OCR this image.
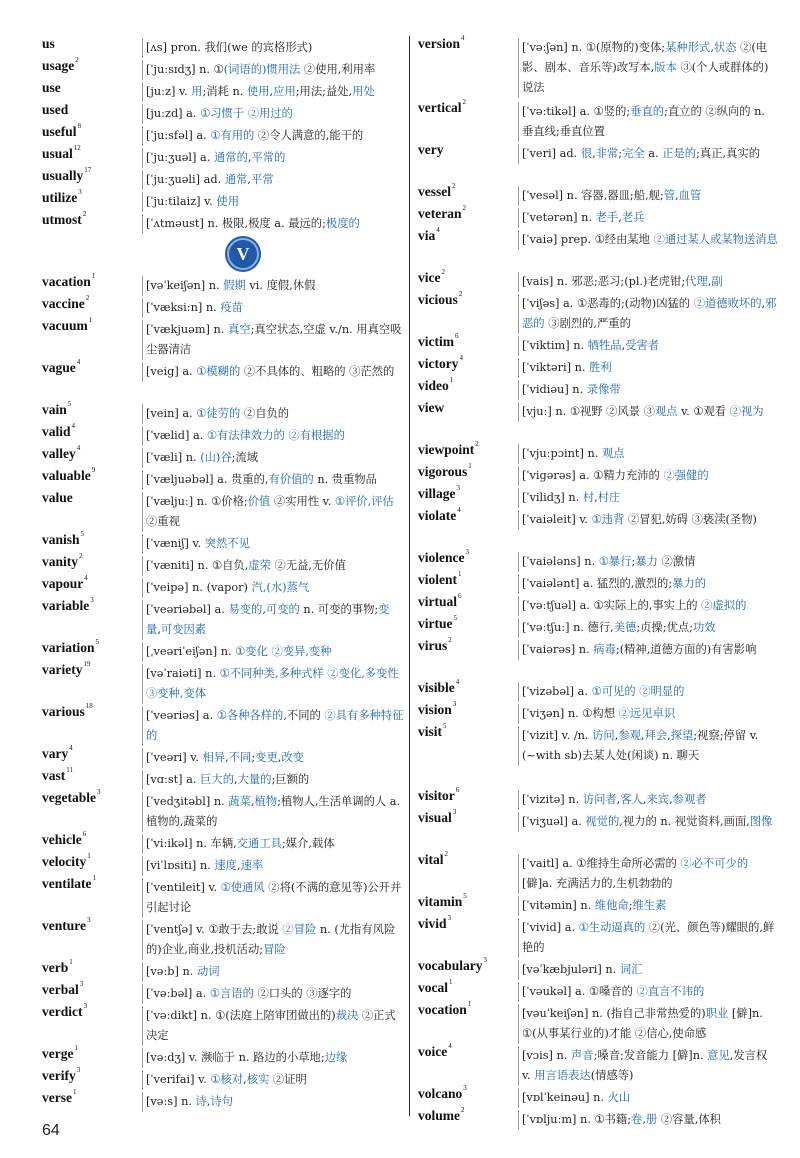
us	[ʌs] pron. 我们(we 的宾格形式)
usage$^2$
[ˈjuːsɪdʒ] n. ①(词语的)惯用法 ②使用,利用率
use	[juːz] v. 用;消耗 n. 使用,应用;用法;益处,用处
used	[juːzd] a. ①习惯于 ②用过的
useful$^8$
[ˈjuːsfəl] a. ①有用的 ②令人满意的,能干的
usual$^{12}$
[ˈjuːʒuəl] a. 通常的,平常的
usually$^{17}$
[ˈjuːʒuəli] ad. 通常,平常
utilize$^3$
[ˈjuːtilaiz] v. 使用
utmost$^2$
[ˈʌtməust] n. 极限,极度 a. 最远的;极度的
V
vacation$^1$
[vəˈkeiʃən] n. 假期 vi. 度假,休假
vaccine$^2$
[ˈvæksiːn] n. 疫苗
vacuum$^1$
[ˈvækjuəm] n. 真空;真空状态,空虚 v./n. 用真空吸尘器清洁
vague$^4$
[veig] a. ①模糊的 ②不具体的、粗略的 ③茫然的
vain$^5$
[vein] a. ①徒劳的 ②自负的
valid$^4$
[ˈvælid] a. ①有法律效力的 ②有根据的
valley$^4$
[ˈvæli] n. (山)谷;流域
valuable$^9$
[ˈvæljuəbəl] a. 贵重的,有价值的 n. 贵重物品
value	[ˈvæljuː] n. ①价格;价值 ②实用性 v. ①评价,评估 ②重视
vanish$^5$
[ˈvæniʃ] v. 突然不见
vanity$^2$
[ˈvæniti] n. ①自负,虚荣 ②无益,无价值
vapour$^4$
[ˈveipə] n. (vapor) 汽,(水)蒸气
variable$^3$
[ˈveəriəbəl] a. 易变的,可变的 n. 可变的事物;变量,可变因素
variation$^5$
[ˌveəriˈeiʃən] n. ①变化 ②变异,变种
variety$^{19}$
[vəˈraiəti] n. ①不同种类,多种式样 ②变化,多变性 ③变种,变体
various$^{18}$
[ˈveəriəs] a. ①各种各样的,不同的 ②具有多种特征的
vary$^4$
[ˈveəri] v. 相异,不同;变更,改变
vast$^{11}$
[vɑːst] a. 巨大的,大量的;巨额的
vegetable$^3$
[ˈvedʒitəbl] n. 蔬菜,植物;植物人,生活单调的人 a. 植物的,蔬菜的
vehicle$^6$
[ˈviːikəl] n. 车辆,交通工具;媒介,载体
velocity$^1$
[viˈlɒsiti] n. 速度,速率
ventilate$^1$
[ˈventileit] v. ①使通风 ②将(不满的意见等)公开并引起讨论
venture$^3$
[ˈventʃə] v. ①敢于去;敢说 ②冒险 n. (尤指有风险的)企业,商业,投机活动;冒险
verb$^1$
[vəːb] n. 动词
verbal$^3$
[ˈvəːbəl] a. ①言语的 ②口头的 ③逐字的
verdict$^3$
[ˈvəːdikt] n. ①(法庭上陪审团做出的)裁决 ②正式决定
verge$^1$
[vəːdʒ] v. 濒临于 n. 路边的小草地;边缘
verify$^3$
[ˈverifai] v. ①核对,核实 ②证明
verse$^1$
[vəːs] n. 诗,诗句
version$^4$
[ˈvəːʃən] n. ①(原物的)变体;某种形式,状态 ②(电影、剧本、音乐等)改写本,版本 ③(个人或群体的)说法
vertical$^2$
[ˈvəːtikəl] a. ①竖的;垂直的;直立的 ②纵向的 n. 垂直线;垂直位置
very	[ˈveri] ad. 很,非常;完全 a. 正是的;真正,真实的
vessel$^2$
[ˈvesəl] n. 容器,器皿;船,舰;管,血管
veteran$^2$
[ˈvetərən] n. 老手,老兵
via$^4$
[ˈvaiə] prep. ①经由某地 ②通过某人或某物送消息
vice$^2$
[vais] n. 邪恶;恶习;(pl.)老虎钳;代理,副
vicious$^2$
[ˈviʃəs] a. ①恶毒的;(动物)凶猛的 ②道德败坏的,邪恶的 ③剧烈的,严重的
victim$^6$
[ˈviktim] n. 牺牲品,受害者
victory$^4$
[ˈviktəri] n. 胜利
video$^1$
[ˈvidiəu] n. 录像带
view	[vjuː] n. ①视野 ②风景 ③观点 v. ①观看 ②视为
viewpoint$^2$
[ˈvjuːpɔint] n. 观点
vigorous$^1$
[ˈvigərəs] a. ①精力充沛的 ②强健的
village$^3$
[ˈvilidʒ] n. 村,村庄
violate$^4$
[ˈvaiəleit] v. ①违背 ②冒犯,妨碍 ③亵渎(圣物)
violence$^3$
[ˈvaiələns] n. ①暴行;暴力 ②激情
violent$^1$
[ˈvaiələnt] a. 猛烈的,激烈的;暴力的
virtual$^6$
[ˈvəːtʃuəl] a. ①实际上的,事实上的 ②虚拟的
virtue$^5$
[ˈvəːtʃuː] n. 德行,美德;贞操;优点;功效
virus$^2$
[ˈvaiərəs] n. 病毒;(精神,道德方面的)有害影响
visible$^4$
[ˈvizəbəl] a. ①可见的 ②明显的
vision$^3$
[ˈviʒən] n. ①构想 ②远见卓识
visit$^5$
[ˈvizit] v. /n. 访问,参观,拜会,探望;视察;停留 v. (~with sb)去某人处(闲谈) n. 聊天
visitor$^6$
[ˈvizitə] n. 访问者,客人,来宾,参观者
visual$^3$
[ˈviʒuəl] a. 视觉的,视力的 n. 视觉资料,画面,图像
vital$^2$
[ˈvaitl] a. ①维持生命所必需的 ②必不可少的 [僻]a. 充满活力的,生机勃勃的
vitamin$^5$
[ˈvitəmin] n. 维他命;维生素
vivid$^3$
[ˈvivid] a. ①生动逼真的 ②(光、颜色等)耀眼的,鲜艳的
vocabulary$^3$
[vəˈkæbjuləri] n. 词汇
vocal$^1$
[ˈvəukəl] a. ①嗓音的 ②直言不讳的
vocation$^1$
[vəuˈkeiʃən] n. (指自己非常热爱的)职业 [僻]n. ①(从事某行业的)才能 ②信心,使命感
voice$^4$
[vɔis] n. 声音;嗓音;发音能力 [僻]n. 意见,发言权 v. 用言语表达(情感等)
volcano$^3$
[vɒlˈkeinəu] n. 火山
volume$^2$
[ˈvɒljuːm] n. ①书籍;卷,册 ②容量,体积
64
